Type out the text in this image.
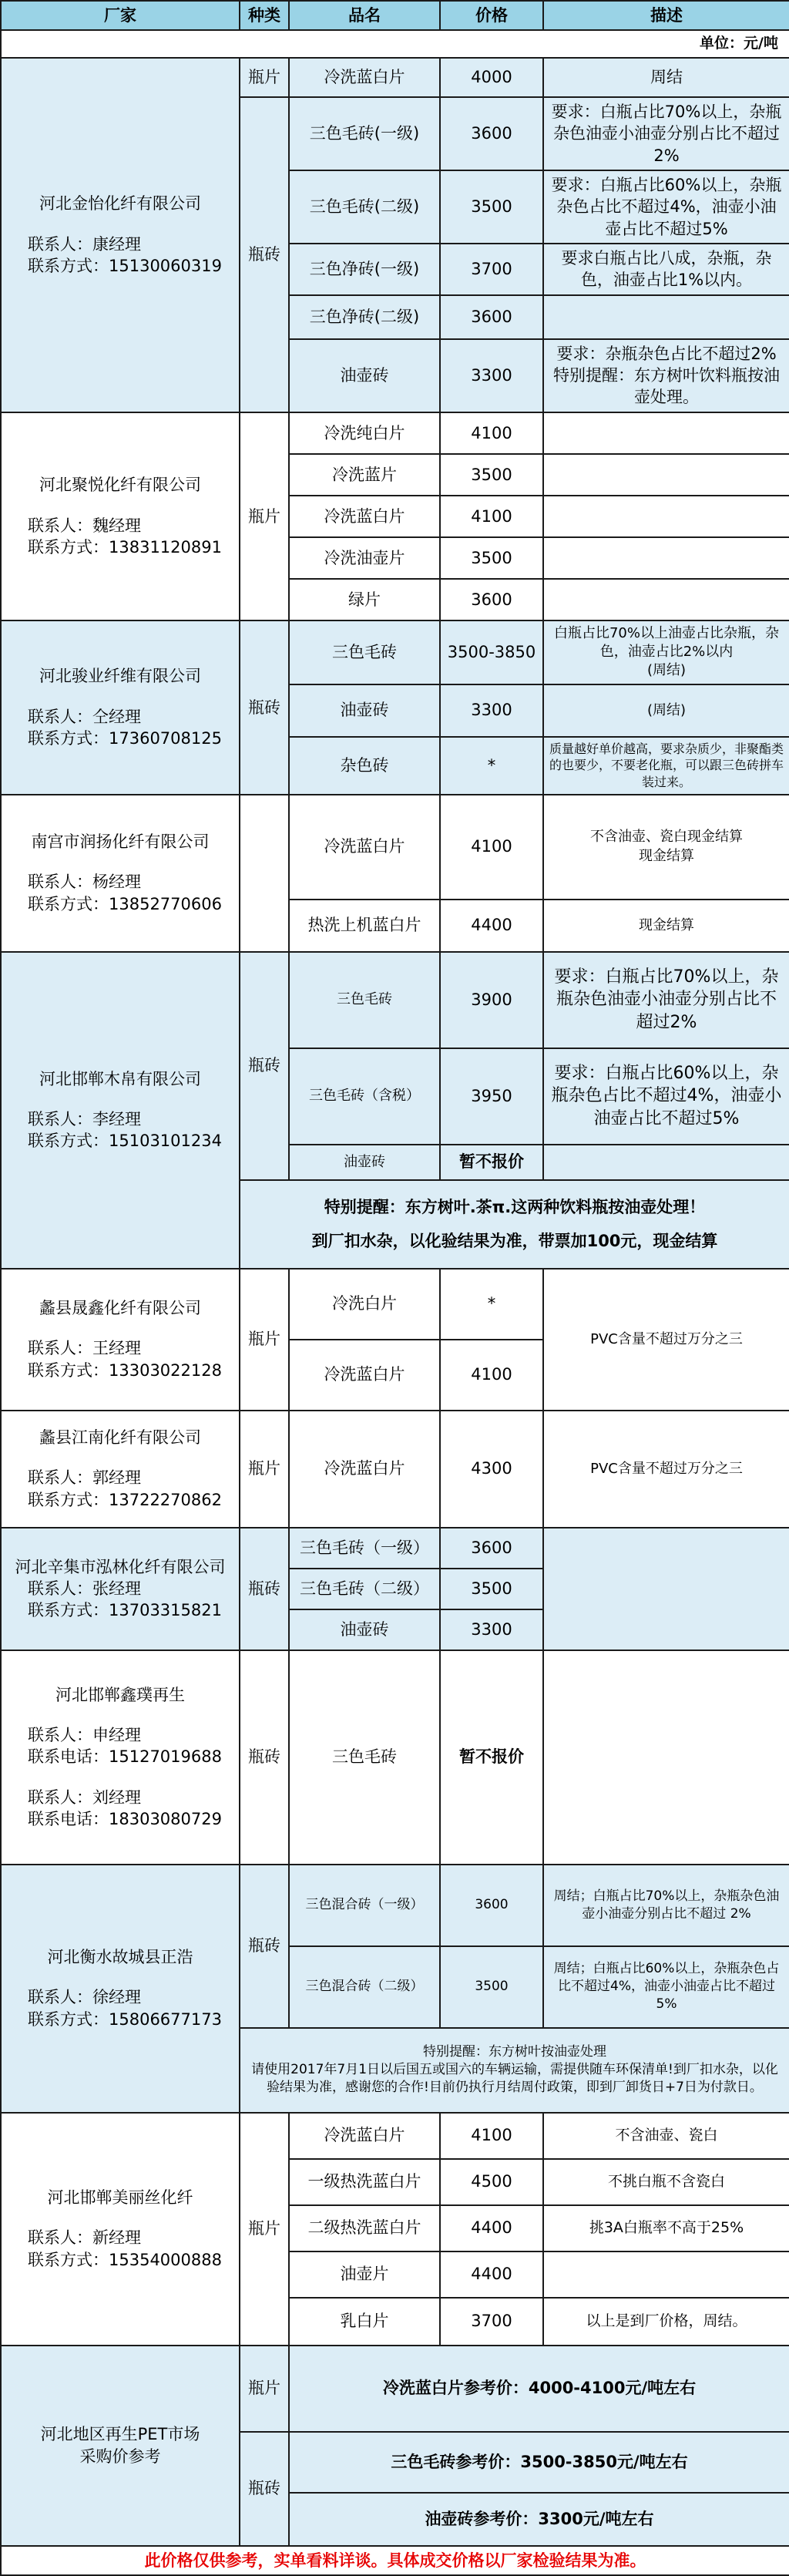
厂家	种类	品名	价格	描述
单位：元/吨				

河北金怡化纤有限公司
联系人：康经理
联系方式：15130060319	瓶片	冷洗蓝白片	4000	周结
	瓶砖	三色毛砖(一级)	3600	要求：白瓶占比70%以上，杂瓶杂色油壶小油壶分别占比不超过2%
		三色毛砖(二级)	3500	要求：白瓶占比60%以上，杂瓶杂色占比不超过4%，油壶小油壶占比不超过5%
		三色净砖(一级)	3700	要求白瓶占比八成，杂瓶，杂色，油壶占比1%以内。
		三色净砖(二级)	3600	
		油壶砖	3300	要求：杂瓶杂色占比不超过2% 特别提醒：东方树叶饮料瓶按油壶处理。

河北聚悦化纤有限公司
联系人：魏经理
联系方式：13831120891	瓶片	冷洗纯白片	4100	
		冷洗蓝片	3500	
		冷洗蓝白片	4100	
		冷洗油壶片	3500	
		绿片	3600	

河北骏业纤维有限公司
联系人：仝经理
联系方式：17360708125	瓶砖	三色毛砖	3500-3850	白瓶占比70%以上油壶占比杂瓶，杂色，油壶占比2%以内
(周结)

		油壶砖	3300	(周结)
		杂色砖	*	质量越好单价越高，要求杂质少，非聚酯类的也要少，不要老化瓶，可以跟三色砖拼车装过来。

南宫市润扬化纤有限公司
联系人：杨经理
联系方式：13852770606		冷洗蓝白片	4100	不含油壶、瓷白现金结算
现金结算

		热洗上机蓝白片	4400	现金结算

河北邯郸木帛有限公司
联系人：李经理
联系方式：15103101234	瓶砖	三色毛砖	3900	要求：白瓶占比70%以上，杂瓶杂色油壶小油壶分别占比不超过2%
		三色毛砖（含税）	3950	要求：白瓶占比60%以上，杂瓶杂色占比不超过4%，油壶小油壶占比不超过5%
		油壶砖	暂不报价	

	特别提醒：东方树叶.茶π.这两种饮料瓶按油壶处理！
到厂扣水杂，以化验结果为准，带票加100元，现金结算			

蠡县晟鑫化纤有限公司
联系人：王经理
联系方式：13303022128	瓶片	冷洗白片	*	PVC含量不超过万分之三
		冷洗蓝白片	4100	

蠡县江南化纤有限公司
联系人：郭经理
联系方式：13722270862	瓶片	冷洗蓝白片	4300	PVC含量不超过万分之三

河北辛集市泓林化纤有限公司
联系人：张经理
联系方式：13703315821	瓶砖	三色毛砖（一级）	3600	
		三色毛砖（二级）	3500	
		油壶砖	3300	

河北邯郸鑫璞再生
联系人：申经理
联系电话：15127019688
联系人：刘经理
联系电话：18303080729	瓶砖	三色毛砖	暂不报价	

河北衡水故城县正浩
联系人：徐经理
联系方式：15806677173	瓶砖	三色混合砖（一级）	3600	周结；白瓶占比70%以上，杂瓶杂色油壶小油壶分别占比不超过 2%
		三色混合砖（二级）	3500	周结；白瓶占比60%以上，杂瓶杂色占比不超过4%，油壶小油壶占比不超过 5%

	特别提醒：东方树叶按油壶处理
请使用2017年7月1日以后国五或国六的车辆运输，需提供随车环保清单!到厂扣水杂，以化验结果为准，感谢您的合作!目前仍执行月结周付政策，即到厂卸货日+7日为付款日。			

河北邯郸美丽丝化纤
联系人：新经理
联系方式：15354000888	瓶片	冷洗蓝白片	4100	不含油壶、瓷白
		一级热洗蓝白片	4500	不挑白瓶不含瓷白
		二级热洗蓝白片	4400	挑3A白瓶率不高于25%
		油壶片	4400	
		乳白片	3700	以上是到厂价格，周结。

河北地区再生PET市场
采购价参考	瓶片	冷洗蓝白片参考价：4000-4100元/吨左右		
	瓶砖	三色毛砖参考价：3500-3850元/吨左右		
		油壶砖参考价：3300元/吨左右		
此价格仅供参考，实单看料详谈。具体成交价格以厂家检验结果为准。				
